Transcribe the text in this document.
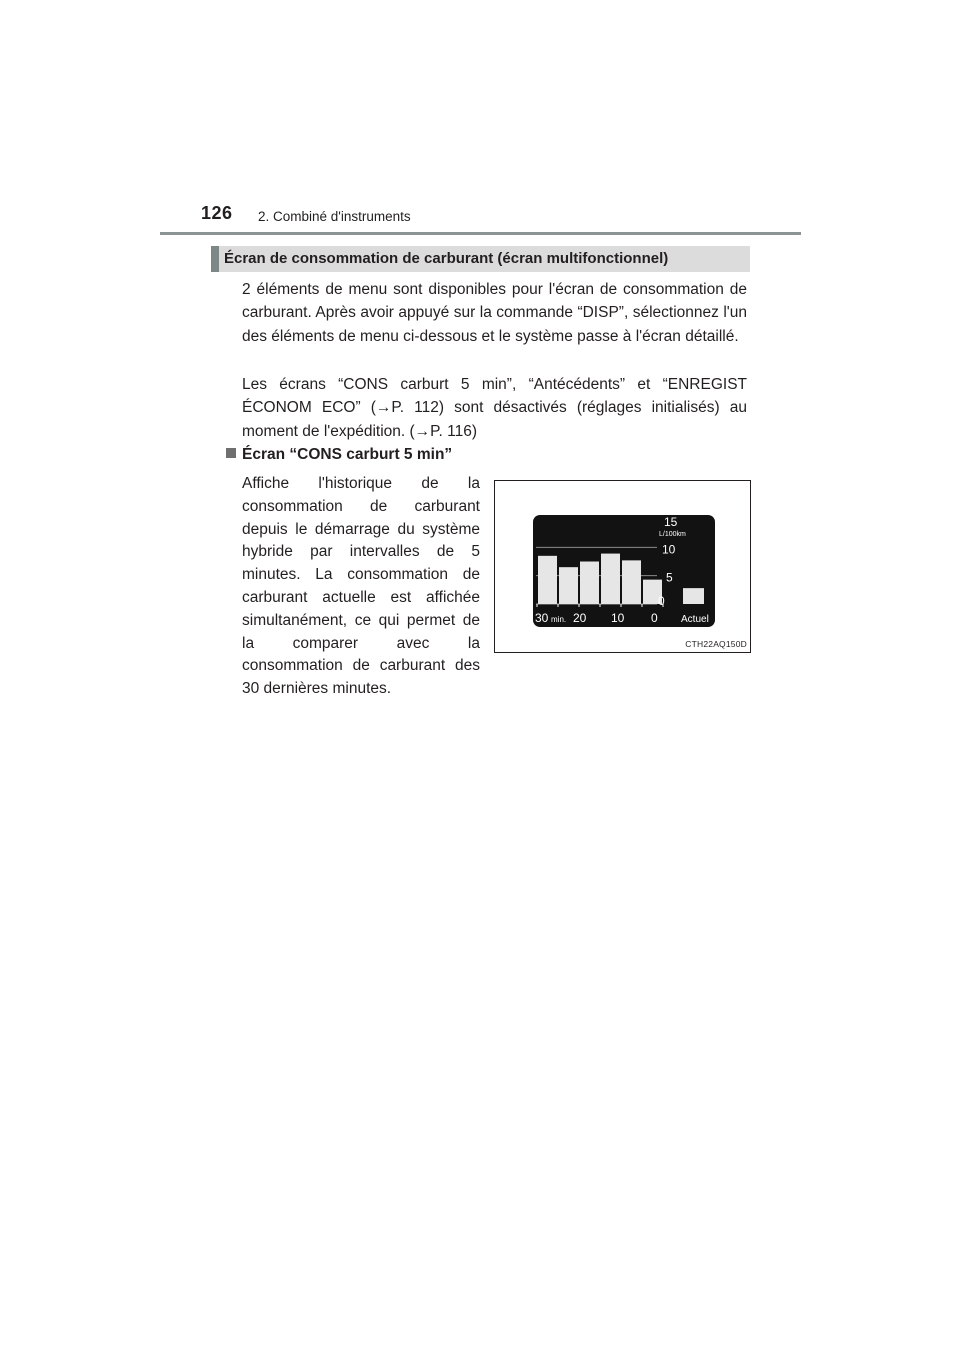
126 2. Combiné d'instruments
Écran de consommation de carburant (écran multifonctionnel)

2 éléments de menu sont disponibles pour l'écran de consommation de carburant. Après avoir appuyé sur la commande “DISP”, sélectionnez l'un des éléments de menu ci-dessous et le système passe à l'écran détaillé.

Les écrans “CONS carburt 5 min”, “Antécédents” et “ENREGIST ÉCONOM ECO” (→P. 112) sont désactivés (réglages initialisés) au moment de l'expédition. (→P. 116)

Écran “CONS carburt 5 min”

Affiche l'historique de la consommation de carburant depuis le démarrage du système hybride par intervalles de 5 minutes. La consommation de carburant actuelle est affichée simultanément, ce qui permet de la comparer avec la consommation de carburant des 30 dernières minutes.

0
5
10
15
L/100km
30 min. 20 10 0 Actuel
CTH22AQ150D
